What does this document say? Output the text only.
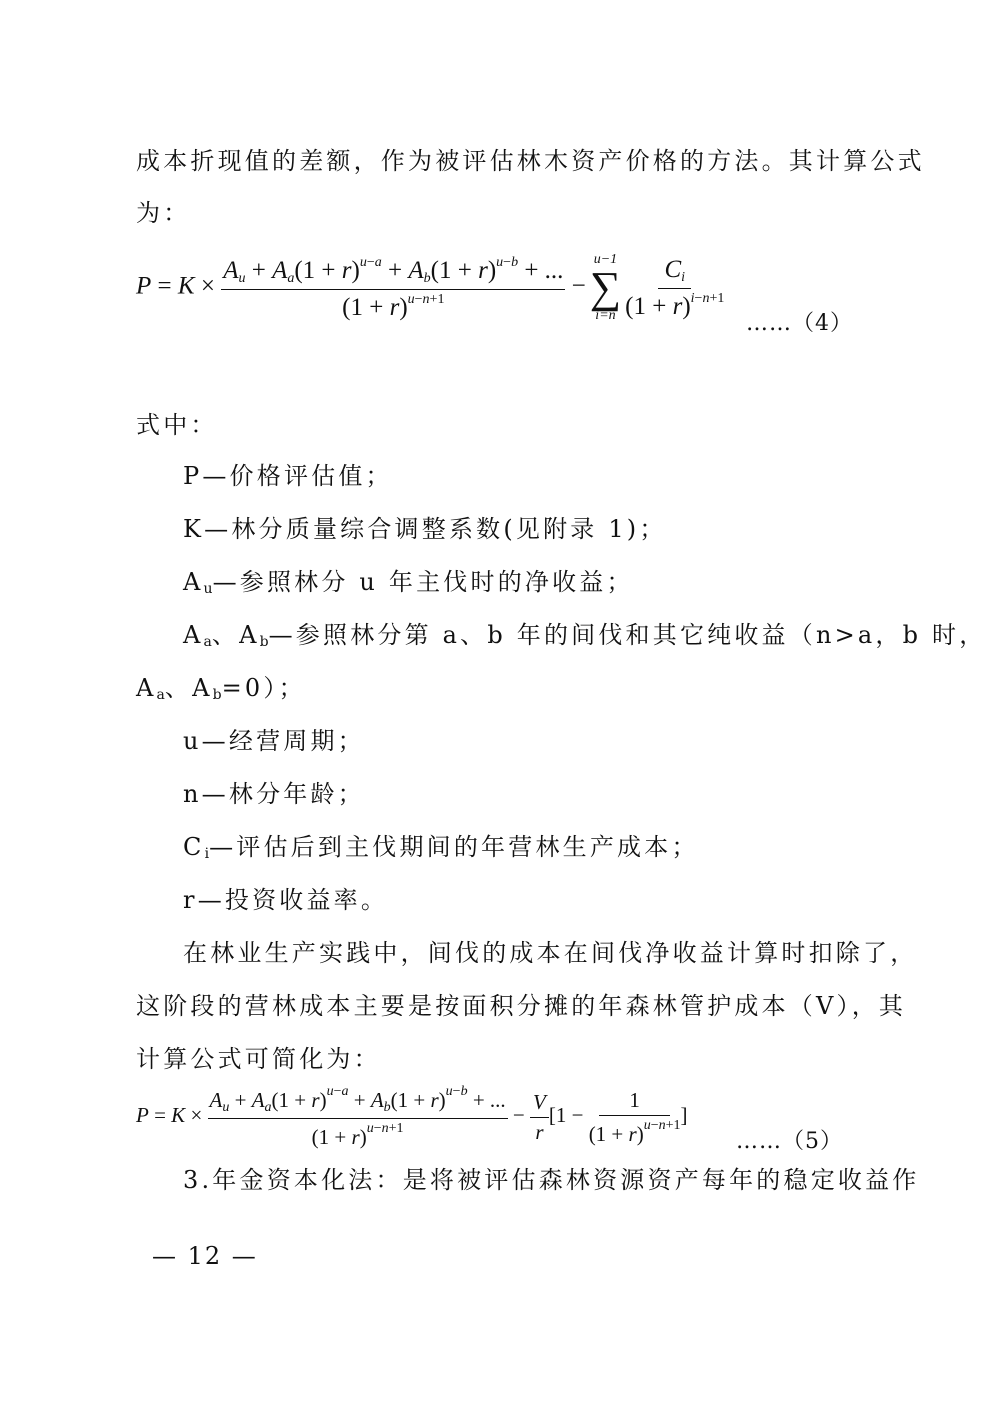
成本折现值的差额，作为被评估林木资产价格的方法。其计算公式
为：
$P = K \times \frac{A_u + A_a(1 + r)^{u-a} + A_b(1 + r)^{u-b} + ...}{(1 + r)^{u-n+1}}$ −
u−1
∑
$i=n \frac{C_i}{(1 + r)^{i-n+1}}$
……（4）
式中：
P—价格评估值；
K—林分质量综合调整系数(见附录 1)；
Au—参照林分 u 年主伐时的净收益；
Aa、Ab—参照林分第 a、b 年的间伐和其它纯收益（n>a，b 时，
Aa、Ab=0）；
u—经营周期；
n—林分年龄；
Ci—评估后到主伐期间的年营林生产成本；
r—投资收益率。
在林业生产实践中，间伐的成本在间伐净收益计算时扣除了，
这阶段的营林成本主要是按面积分摊的年森林管护成本（V），其
计算公式可简化为：
$P = K \times \frac{A_u + A_a(1 + r)^{u-a} + A_b(1 + r)^{u-b} + ...}{(1 + r)^{u-n+1}} - \frac{V}{r} [1 - \frac{1}{(1 + r)^{u-n+1}}$ ]
……（5）
3.年金资本化法：是将被评估森林资源资产每年的稳定收益作
— 12 —
